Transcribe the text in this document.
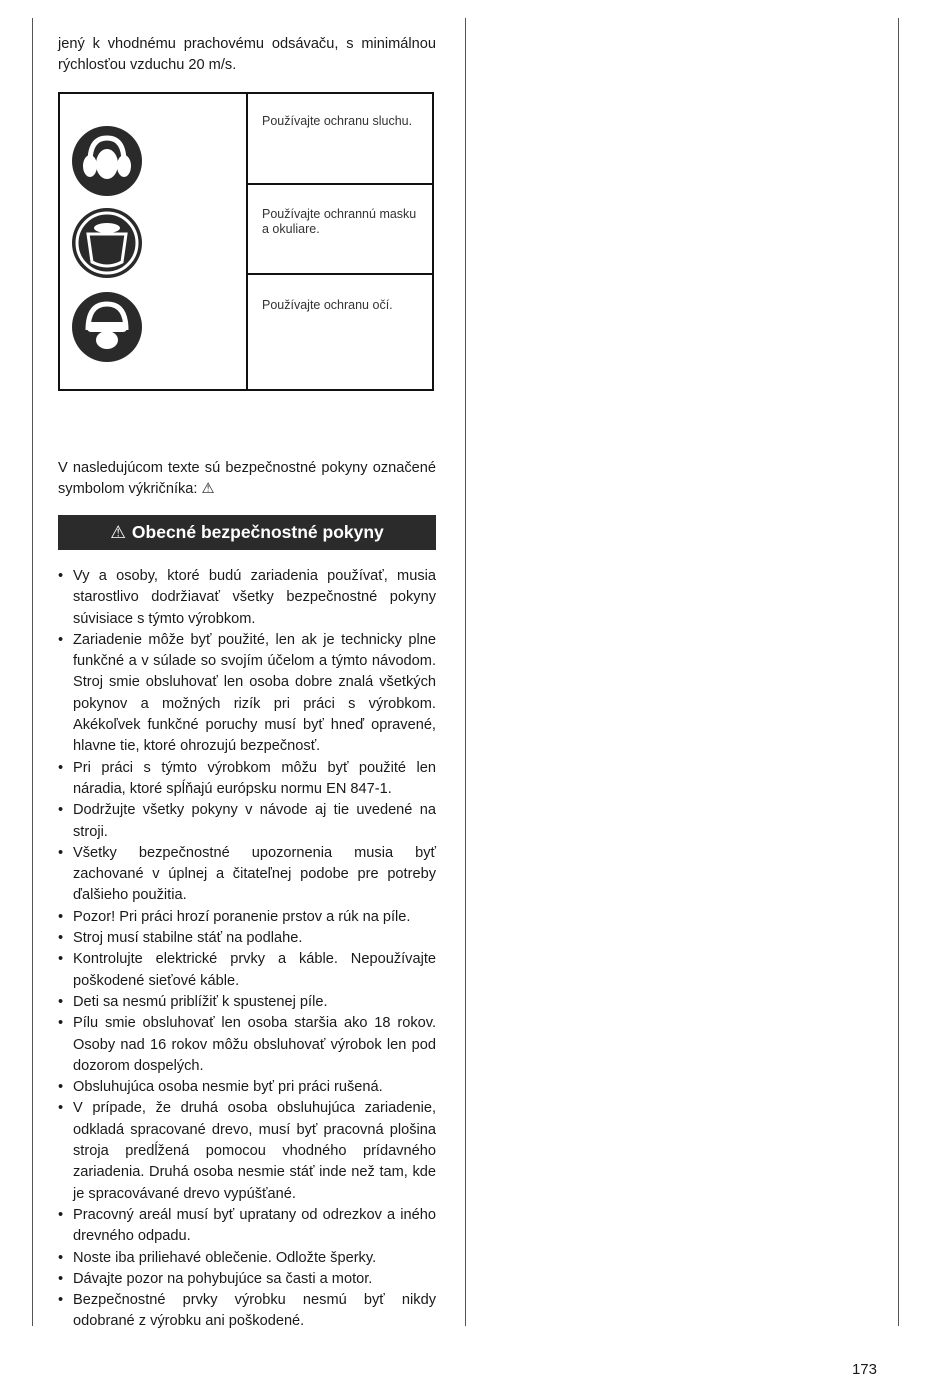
jený k vhodnému prachovému odsávaču, s minimálnou rýchlosťou vzduchu 20 m/s.

Používajte ochranu sluchu.
Používajte ochrannú masku a okuliare.
Používajte ochranu očí.

V nasledujúcom texte sú bezpečnostné pokyny označené symbolom výkričníka: ⚠

⚠ Obecné bezpečnostné pokyny
• Vy a osoby, ktoré budú zariadenia používať, musia starostlivo dodržiavať všetky bezpečnostné pokyny súvisiace s týmto výrobkom.
• Zariadenie môže byť použité, len ak je technicky plne funkčné a v súlade so svojím účelom a týmto návodom. Stroj smie obsluhovať len osoba dobre znalá všetkých pokynov a možných rizík pri práci s výrobkom. Akékoľvek funkčné poruchy musí byť hneď opravené, hlavne tie, ktoré ohrozujú bezpečnosť.
• Pri práci s týmto výrobkom môžu byť použité len náradia, ktoré spĺňajú európsku normu EN 847-1.
• Dodržujte všetky pokyny v návode aj tie uvedené na stroji.
• Všetky bezpečnostné upozornenia musia byť zachované v úplnej a čitateľnej podobe pre potreby ďalšieho použitia.
• Pozor! Pri práci hrozí poranenie prstov a rúk na píle.
• Stroj musí stabilne stáť na podlahe.
• Kontrolujte elektrické prvky a káble. Nepoužívajte poškodené sieťové káble.
• Deti sa nesmú priblížiť k spustenej píle.
• Pílu smie obsluhovať len osoba staršia ako 18 rokov. Osoby nad 16 rokov môžu obsluhovať výrobok len pod dozorom dospelých.
• Obsluhujúca osoba nesmie byť pri práci rušená.
• V prípade, že druhá osoba obsluhujúca zariadenie, odkladá spracované drevo, musí byť pracovná plošina stroja predĺžená pomocou vhodného prídavného zariadenia. Druhá osoba nesmie stáť inde než tam, kde je spracovávané drevo vypúšťané.
• Pracovný areál musí byť upratany od odrezkov a iného drevného odpadu.
• Noste iba priliehavé oblečenie. Odložte šperky.
• Dávajte pozor na pohybujúce sa časti a motor.
• Bezpečnostné prvky výrobku nesmú byť nikdy odobrané z výrobku ani poškodené.
173
